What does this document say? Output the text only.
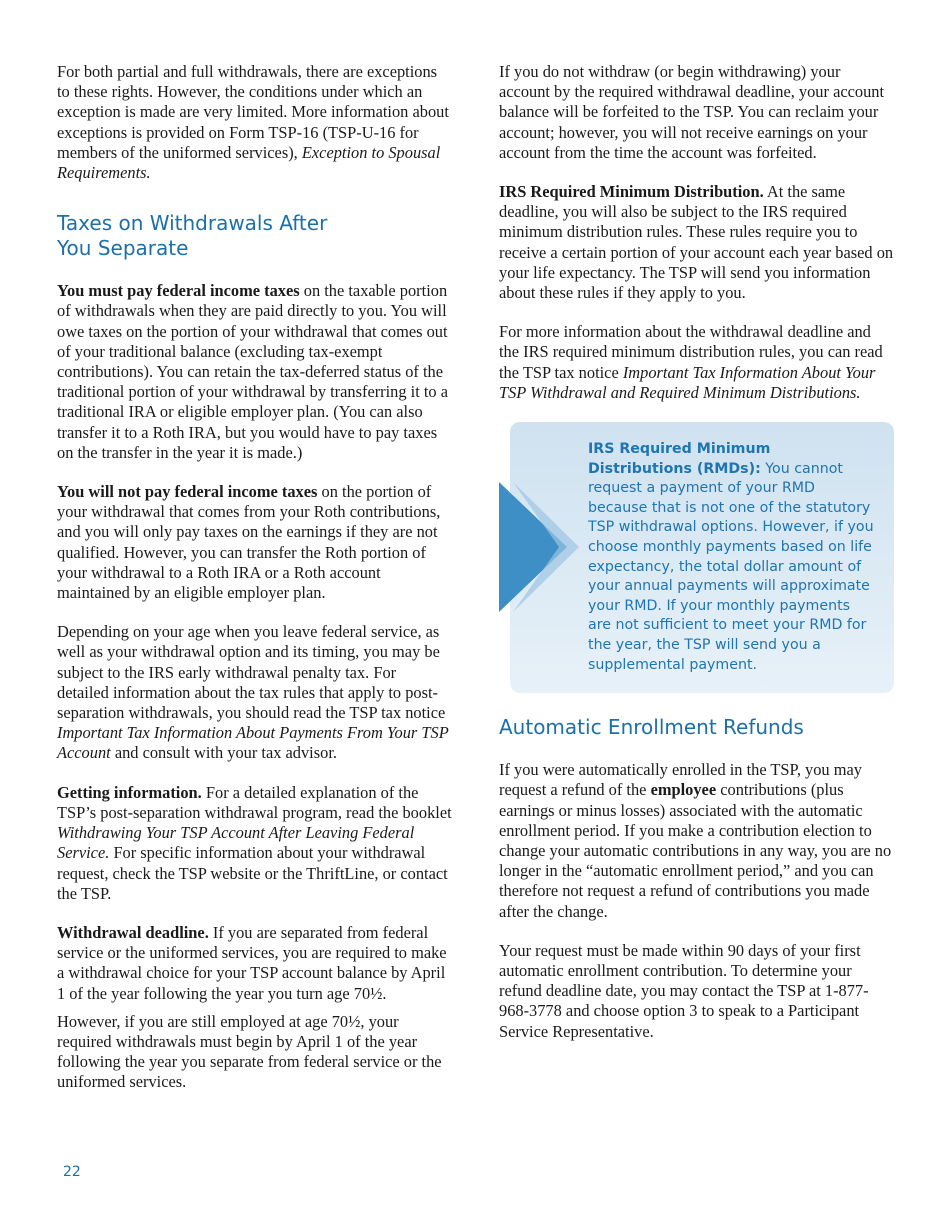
For both partial and full withdrawals, there are exceptions to these rights. However, the conditions under which an exception is made are very limited. More information about exceptions is provided on Form TSP-16 (TSP-U-16 for members of the uniformed services), Exception to Spousal Requirements.

Taxes on Withdrawals After
You Separate

You must pay federal income taxes on the taxable portion of withdrawals when they are paid directly to you. You will owe taxes on the portion of your withdrawal that comes out of your traditional balance (excluding tax-exempt contributions). You can retain the tax-deferred status of the traditional portion of your withdrawal by transferring it to a traditional IRA or eligible employer plan. (You can also transfer it to a Roth IRA, but you would have to pay taxes on the transfer in the year it is made.)

You will not pay federal income taxes on the portion of your withdrawal that comes from your Roth contributions, and you will only pay taxes on the earnings if they are not qualified. However, you can transfer the Roth portion of your withdrawal to a Roth IRA or a Roth account maintained by an eligible employer plan.

Depending on your age when you leave federal service, as well as your withdrawal option and its timing, you may be subject to the IRS early withdrawal penalty tax. For detailed information about the tax rules that apply to post-separation withdrawals, you should read the TSP tax notice Important Tax Information About Payments From Your TSP Account and consult with your tax advisor.

Getting information. For a detailed explanation of the TSP’s post-separation withdrawal program, read the booklet Withdrawing Your TSP Account After Leaving Federal Service. For specific information about your withdrawal request, check the TSP website or the ThriftLine, or contact the TSP.

Withdrawal deadline. If you are separated from federal service or the uniformed services, you are required to make a withdrawal choice for your TSP account balance by April 1 of the year following the year you turn age 70½.

However, if you are still employed at age 70½, your required withdrawals must begin by April 1 of the year following the year you separate from federal service or the uniformed services.

If you do not withdraw (or begin withdrawing) your account by the required withdrawal deadline, your account balance will be forfeited to the TSP. You can reclaim your account; however, you will not receive earnings on your account from the time the account was forfeited.

IRS Required Minimum Distribution. At the same deadline, you will also be subject to the IRS required minimum distribution rules. These rules require you to receive a certain portion of your account each year based on your life expectancy. The TSP will send you information about these rules if they apply to you.

For more information about the withdrawal deadline and the IRS required minimum distribution rules, you can read the TSP tax notice Important Tax Information About Your TSP Withdrawal and Required Minimum Distributions.

IRS Required Minimum Distributions (RMDs): You cannot request a payment of your RMD because that is not one of the statutory TSP withdrawal options. However, if you choose monthly payments based on life expectancy, the total dollar amount of your annual payments will approximate your RMD. If your monthly payments are not sufficient to meet your RMD for the year, the TSP will send you a supplemental payment.
Automatic Enrollment Refunds

If you were automatically enrolled in the TSP, you may request a refund of the employee contributions (plus earnings or minus losses) associated with the automatic enrollment period. If you make a contribution election to change your automatic contributions in any way, you are no longer in the “automatic enrollment period,” and you can therefore not request a refund of contributions you made after the change.

Your request must be made within 90 days of your first automatic enrollment contribution. To determine your refund deadline date, you may contact the TSP at 1-877-968-3778 and choose option 3 to speak to a Participant Service Representative.

22
